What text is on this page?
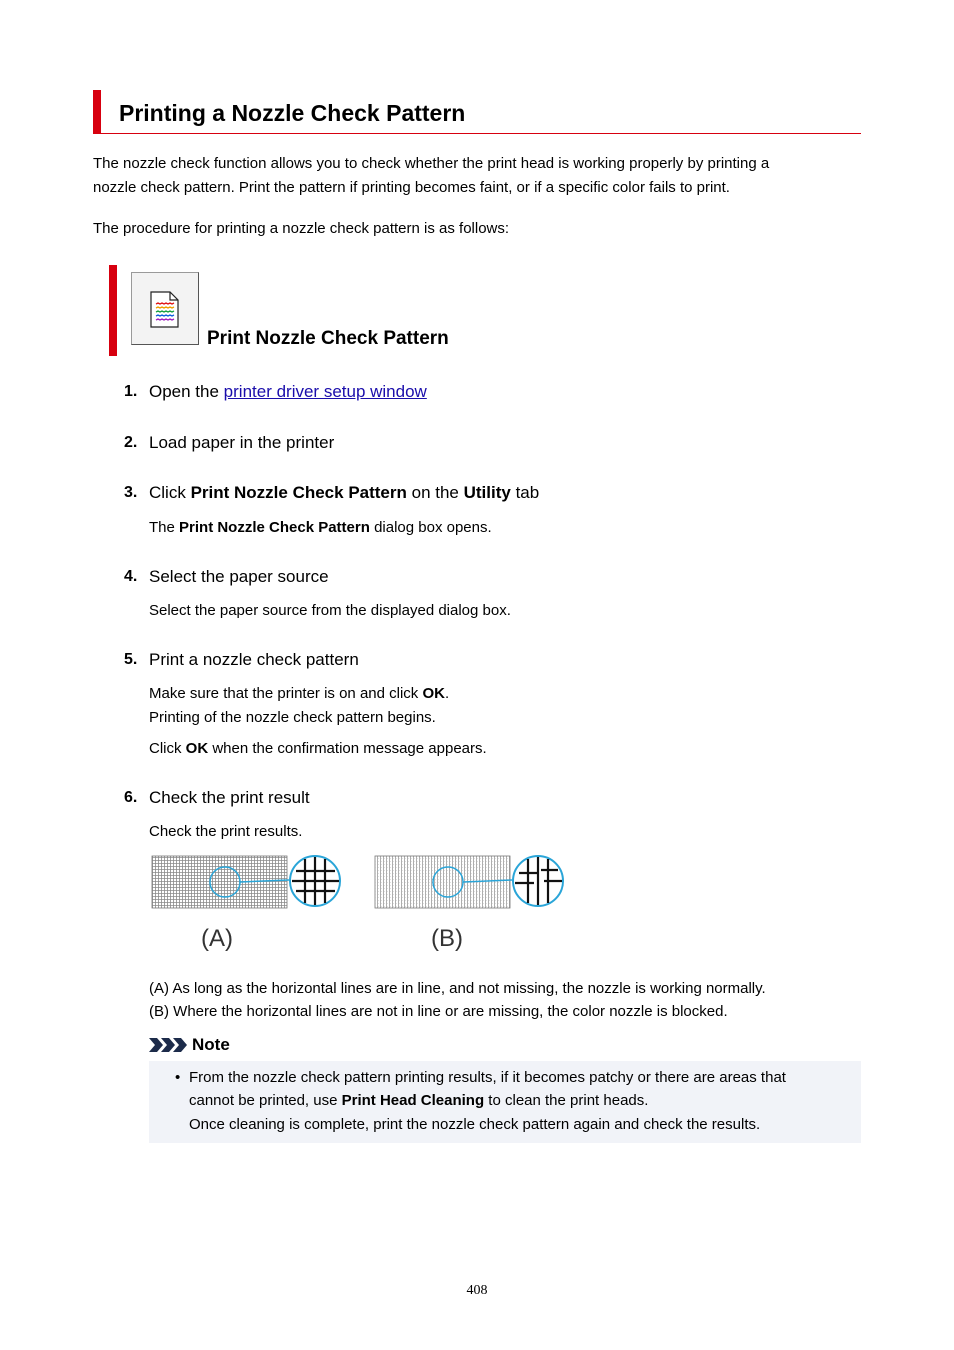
Printing a Nozzle Check Pattern
The nozzle check function allows you to check whether the print head is working properly by printing a
nozzle check pattern. Print the pattern if printing becomes faint, or if a specific color fails to print.
The procedure for printing a nozzle check pattern is as follows:
Print Nozzle Check Pattern
1. Open the printer driver setup window
2. Load paper in the printer
3. Click Print Nozzle Check Pattern on the Utility tab
The Print Nozzle Check Pattern dialog box opens.
4. Select the paper source
Select the paper source from the displayed dialog box.
5. Print a nozzle check pattern
Make sure that the printer is on and click OK.
Printing of the nozzle check pattern begins.
Click OK when the confirmation message appears.
6. Check the print result
Check the print results.
(A)	(B)
(A) As long as the horizontal lines are in line, and not missing, the nozzle is working normally.
(B) Where the horizontal lines are not in line or are missing, the color nozzle is blocked.
Note
• From the nozzle check pattern printing results, if it becomes patchy or there are areas that
cannot be printed, use Print Head Cleaning to clean the print heads.
Once cleaning is complete, print the nozzle check pattern again and check the results.
408
